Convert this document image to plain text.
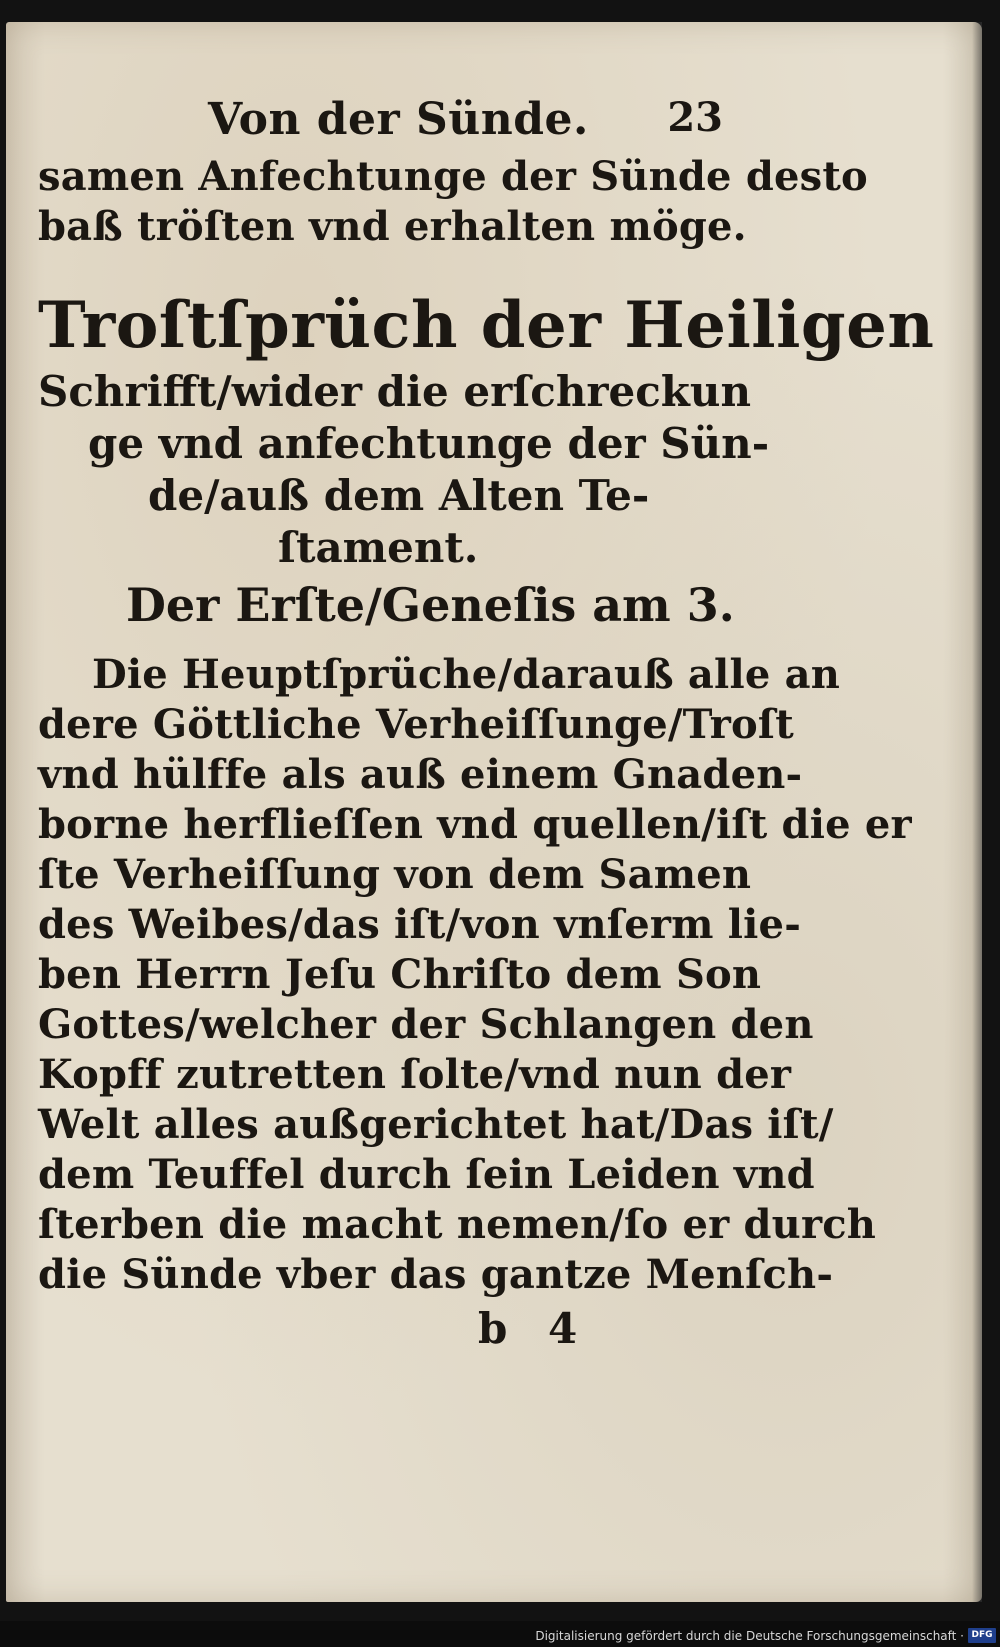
Von der Sünde. 23
samen Anfechtunge der Sünde desto
baß tröſten vnd erhalten möge.
Troſtſprüch der Heiligen
Schrifft/wider die erſchreckun
ge vnd anfechtunge der Sün-
de/auß dem Alten Te-
ſtament.
Der Erſte/Geneſis am 3.
Die Heuptſprüche/darauß alle an
dere Göttliche Verheiſſunge/Troſt
vnd hülffe als auß einem Gnaden-
borne herflieſſen vnd quellen/iſt die er
ſte Verheiſſung von dem Samen
des Weibes/das iſt/von vnſerm lie-
ben Herrn Jeſu Chriſto dem Son
Gottes/welcher der Schlangen den
Kopff zutretten ſolte/vnd nun der
Welt alles außgerichtet hat/Das iſt/
dem Teuffel durch ſein Leiden vnd
ſterben die macht nemen/ſo er durch
die Sünde vber das gantze Menſch-
b 4
Digitalisierung gefördert durch die Deutsche Forschungsgemeinschaft · DFG
